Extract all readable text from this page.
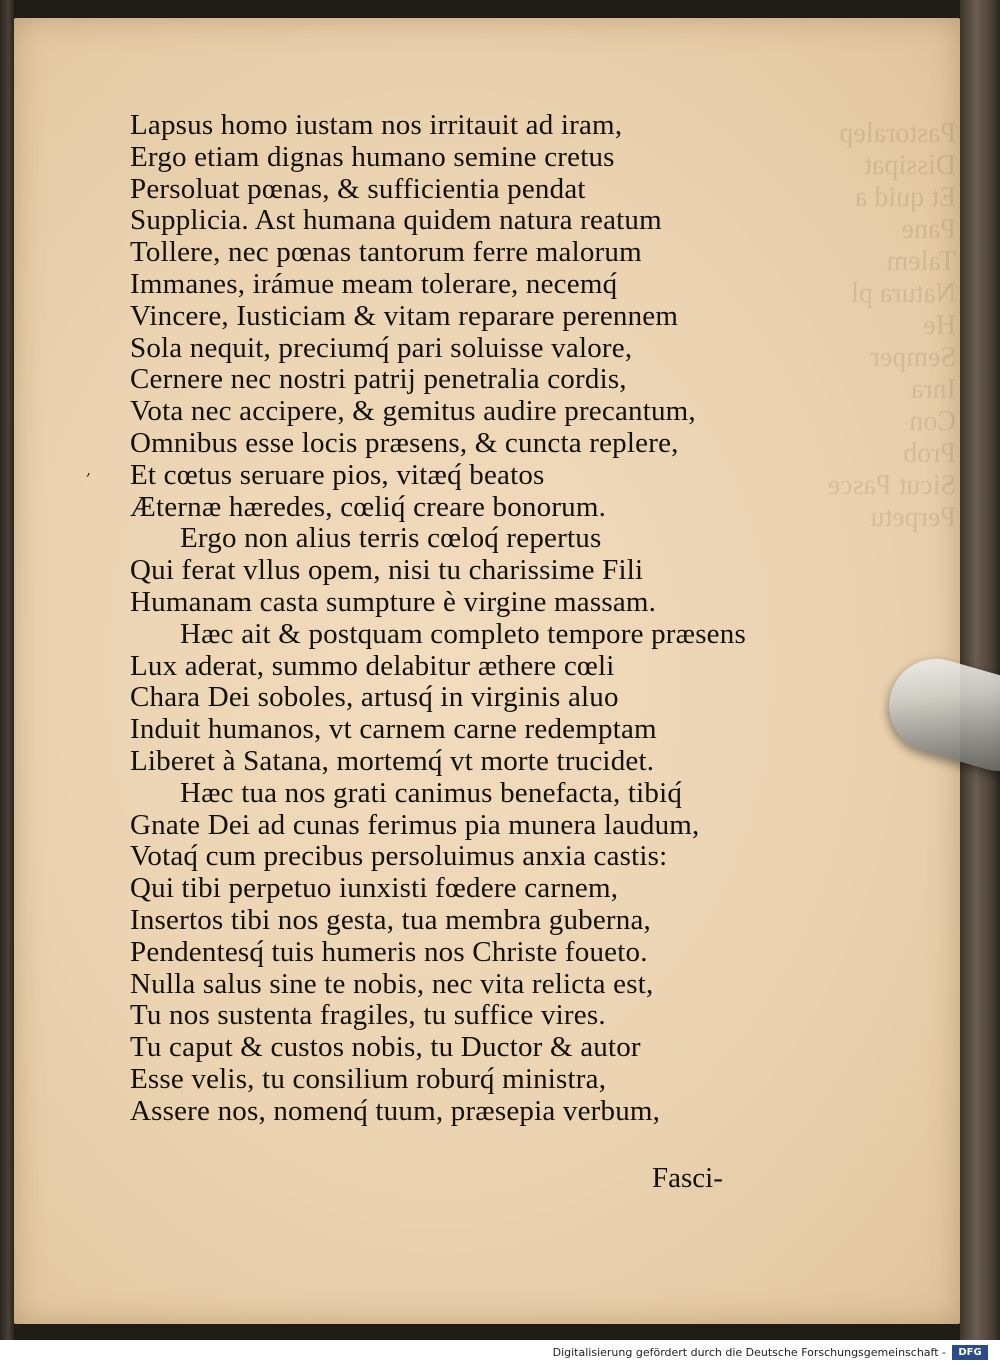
Pastoralep
Dissipat
Et quid a
Pane
Talem
Natura pl
He
Semper
Inra
Con
Prob
Sicut Pasce
Perpetu
,
Lapsus homo iustam nos irritauit ad iram,
Ergo etiam dignas humano semine cretus
Persoluat pœnas, & sufficientia pendat
Supplicia. Ast humana quidem natura reatum
Tollere, nec pœnas tantorum ferre malorum
Immanes, irámue meam tolerare, necemq́
Vincere, Iusticiam & vitam reparare perennem
Sola nequit, preciumq́ pari soluisse valore,
Cernere nec nostri patrij penetralia cordis,
Vota nec accipere, & gemitus audire precantum,
Omnibus esse locis præsens, & cuncta replere,
Et cœtus seruare pios, vitæq́ beatos
Æternæ hæredes, cœliq́ creare bonorum.
Ergo non alius terris cœloq́ repertus
Qui ferat vllus opem, nisi tu charissime Fili
Humanam casta sumpture è virgine massam.
Hæc ait & postquam completo tempore præsens
Lux aderat, summo delabitur æthere cœli
Chara Dei soboles, artusq́ in virginis aluo
Induit humanos, vt carnem carne redemptam
Liberet à Satana, mortemq́ vt morte trucidet.
Hæc tua nos grati canimus benefacta, tibiq́
Gnate Dei ad cunas ferimus pia munera laudum,
Votaq́ cum precibus persoluimus anxia castis:
Qui tibi perpetuo iunxisti fœdere carnem,
Insertos tibi nos gesta, tua membra guberna,
Pendentesq́ tuis humeris nos Christe foueto.
Nulla salus sine te nobis, nec vita relicta est,
Tu nos sustenta fragiles, tu suffice vires.
Tu caput & custos nobis, tu Ductor & autor
Esse velis, tu consilium roburq́ ministra,
Assere nos, nomenq́ tuum, præsepia verbum,
Fasci-
Digitalisierung gefördert durch die Deutsche Forschungsgemeinschaft -	DFG
